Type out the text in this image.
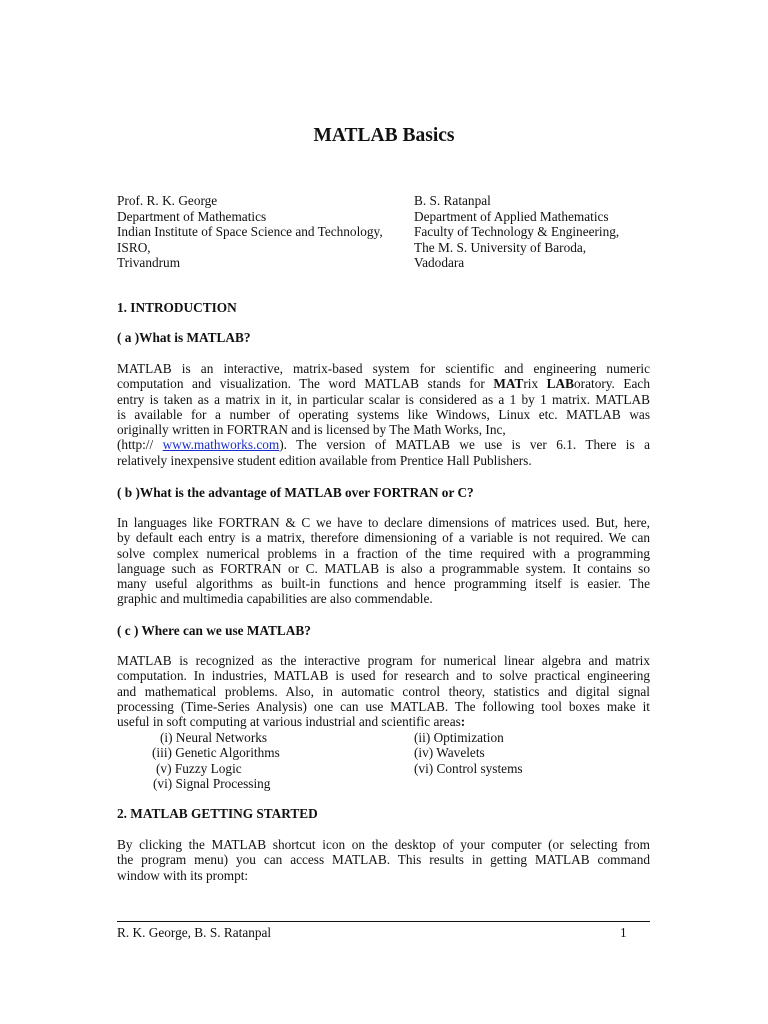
MATLAB Basics
Prof. R. K. George
Department of Mathematics
Indian Institute of Space Science and Technology,
ISRO,
Trivandrum
B. S. Ratanpal
Department of Applied Mathematics
Faculty of Technology & Engineering,
The M. S. University of Baroda,
Vadodara
1. INTRODUCTION
( a )What is MATLAB?
MATLAB is an interactive, matrix-based system for scientific and engineering numeric
computation and visualization. The word MATLAB stands for MATrix LABoratory. Each
entry is taken as a matrix in it, in particular scalar is considered as a 1 by 1 matrix. MATLAB
is available for a number of operating systems like Windows, Linux etc. MATLAB was
originally written in FORTRAN and is licensed by The Math Works, Inc,
(http:// www.mathworks.com). The version of MATLAB we use is ver 6.1. There is a
relatively inexpensive student edition available from Prentice Hall Publishers.
( b )What is the advantage of MATLAB over FORTRAN or C?
In languages like FORTRAN & C we have to declare dimensions of matrices used. But, here,
by default each entry is a matrix, therefore dimensioning of a variable is not required. We can
solve complex numerical problems in a fraction of the time required with a programming
language such as FORTRAN or C. MATLAB is also a programmable system. It contains so
many useful algorithms as built-in functions and hence programming itself is easier. The
graphic and multimedia capabilities are also commendable.
( c ) Where can we use MATLAB?
MATLAB is recognized as the interactive program for numerical linear algebra and matrix
computation. In industries, MATLAB is used for research and to solve practical engineering
and mathematical problems. Also, in automatic control theory, statistics and digital signal
processing (Time-Series Analysis) one can use MATLAB. The following tool boxes make it
useful in soft computing at various industrial and scientific areas:
(i) Neural Networks	(ii) Optimization
(iii) Genetic Algorithms	(iv) Wavelets
(v) Fuzzy Logic	(vi) Control systems
(vi) Signal Processing
2. MATLAB GETTING STARTED
By clicking the MATLAB shortcut icon on the desktop of your computer (or selecting from
the program menu) you can access MATLAB. This results in getting MATLAB command
window with its prompt:
R. K. George, B. S. Ratanpal	1
